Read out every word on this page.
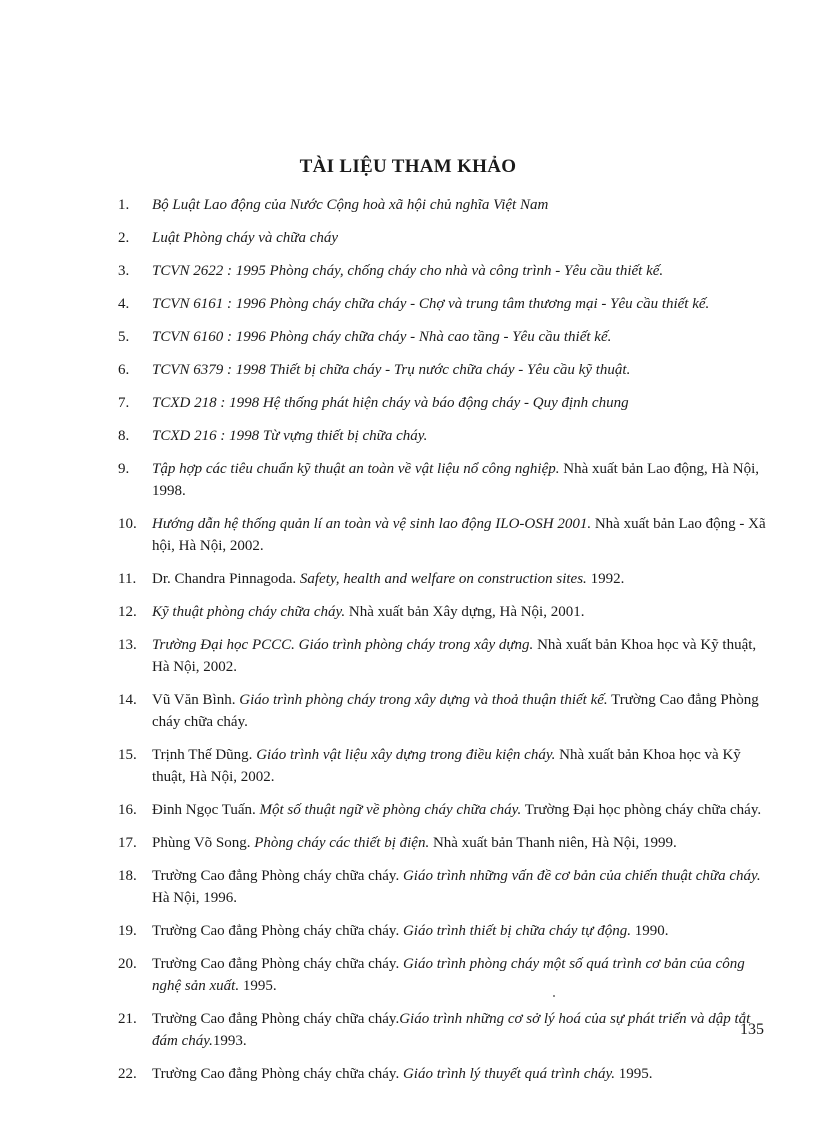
TÀI LIỆU THAM KHẢO
1. Bộ Luật Lao động của Nước Cộng hoà xã hội chủ nghĩa Việt Nam
2. Luật Phòng cháy và chữa cháy
3. TCVN 2622 : 1995 Phòng cháy, chống cháy cho nhà và công trình - Yêu cầu thiết kế.
4. TCVN 6161 : 1996 Phòng cháy chữa cháy - Chợ và trung tâm thương mại - Yêu cầu thiết kế.
5. TCVN 6160 : 1996 Phòng cháy chữa cháy - Nhà cao tầng - Yêu cầu thiết kế.
6. TCVN 6379 : 1998 Thiết bị chữa cháy - Trụ nước chữa cháy - Yêu cầu kỹ thuật.
7. TCXD 218 : 1998 Hệ thống phát hiện cháy và báo động cháy - Quy định chung
8. TCXD 216 : 1998 Từ vựng thiết bị chữa cháy.
9. Tập hợp các tiêu chuẩn kỹ thuật an toàn về vật liệu nổ công nghiệp. Nhà xuất bản Lao động, Hà Nội, 1998.
10. Hướng dẫn hệ thống quản lí an toàn và vệ sinh lao động ILO-OSH 2001. Nhà xuất bản Lao động - Xã hội, Hà Nội, 2002.
11. Dr. Chandra Pinnagoda. Safety, health and welfare on construction sites. 1992.
12. Kỹ thuật phòng cháy chữa cháy. Nhà xuất bản Xây dựng, Hà Nội, 2001.
13. Trường Đại học PCCC. Giáo trình phòng cháy trong xây dựng. Nhà xuất bản Khoa học và Kỹ thuật, Hà Nội, 2002.
14. Vũ Văn Bình. Giáo trình phòng cháy trong xây dựng và thoả thuận thiết kế. Trường Cao đẳng Phòng cháy chữa cháy.
15. Trịnh Thế Dũng. Giáo trình vật liệu xây dựng trong điều kiện cháy. Nhà xuất bản Khoa học và Kỹ thuật, Hà Nội, 2002.
16. Đinh Ngọc Tuấn. Một số thuật ngữ về phòng cháy chữa cháy. Trường Đại học phòng cháy chữa cháy.
17. Phùng Võ Song. Phòng cháy các thiết bị điện. Nhà xuất bản Thanh niên, Hà Nội, 1999.
18. Trường Cao đẳng Phòng cháy chữa cháy. Giáo trình những vấn đề cơ bản của chiến thuật chữa cháy. Hà Nội, 1996.
19. Trường Cao đẳng Phòng cháy chữa cháy. Giáo trình thiết bị chữa cháy tự động. 1990.
20. Trường Cao đẳng Phòng cháy chữa cháy. Giáo trình phòng cháy một số quá trình cơ bản của công nghệ sản xuất. 1995.
21. Trường Cao đẳng Phòng cháy chữa cháy.Giáo trình những cơ sở lý hoá của sự phát triển và dập tắt đám cháy.1993.
22. Trường Cao đẳng Phòng cháy chữa cháy. Giáo trình lý thuyết quá trình cháy. 1995.
135
